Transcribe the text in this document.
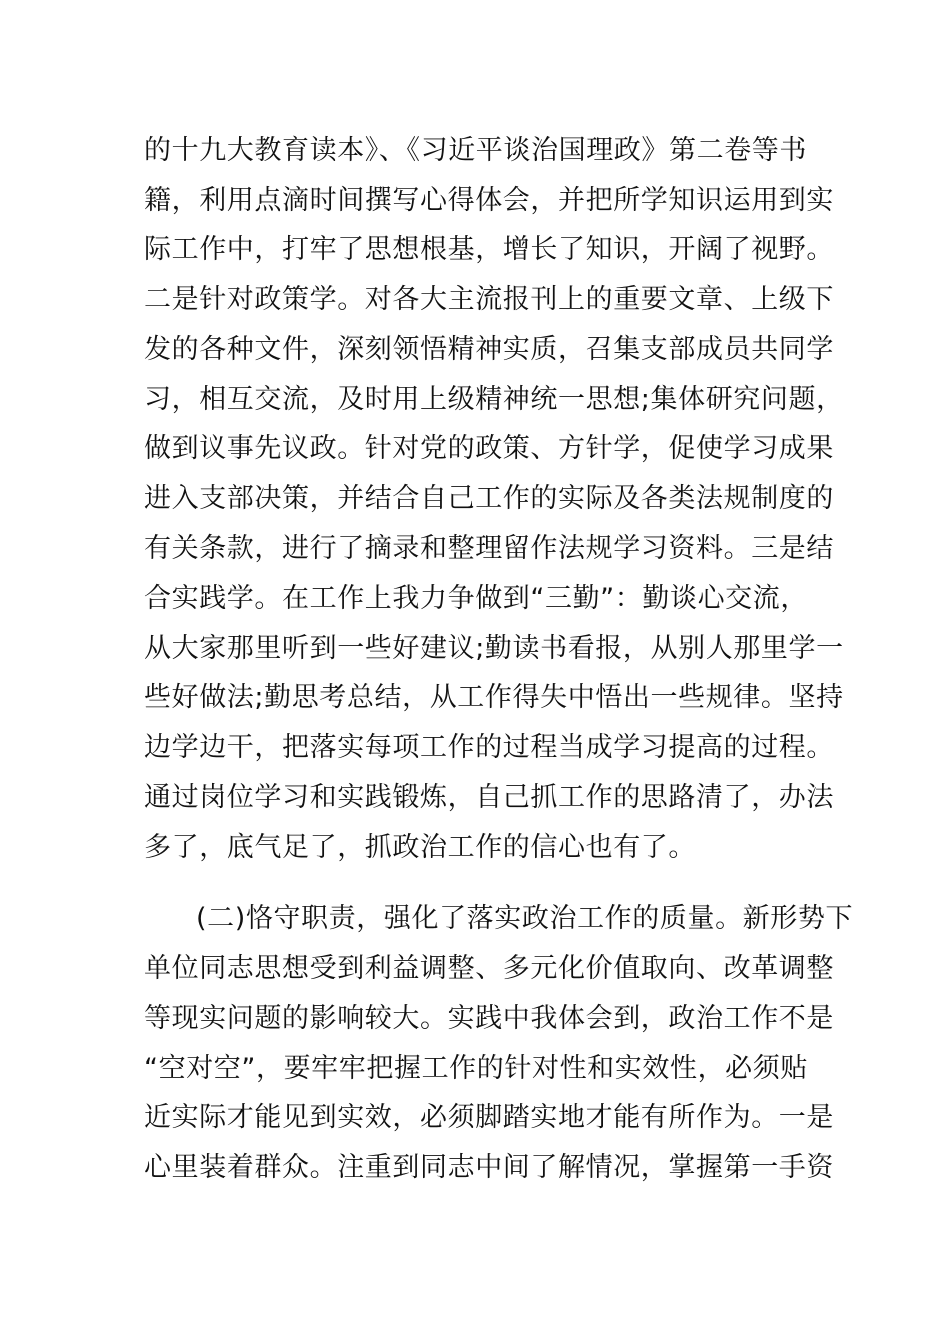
的十九大教育读本》、《习近平谈治国理政》第二卷等书
籍，利用点滴时间撰写心得体会，并把所学知识运用到实
际工作中，打牢了思想根基，增长了知识，开阔了视野。
二是针对政策学。对各大主流报刊上的重要文章、上级下
发的各种文件，深刻领悟精神实质，召集支部成员共同学
习，相互交流，及时用上级精神统一思想;集体研究问题，
做到议事先议政。针对党的政策、方针学，促使学习成果
进入支部决策，并结合自己工作的实际及各类法规制度的
有关条款，进行了摘录和整理留作法规学习资料。三是结
合实践学。在工作上我力争做到“三勤”：勤谈心交流，
从大家那里听到一些好建议;勤读书看报，从别人那里学一
些好做法;勤思考总结，从工作得失中悟出一些规律。坚持
边学边干，把落实每项工作的过程当成学习提高的过程。
通过岗位学习和实践锻炼，自己抓工作的思路清了，办法
多了，底气足了，抓政治工作的信心也有了。
(二)恪守职责，强化了落实政治工作的质量。新形势下
单位同志思想受到利益调整、多元化价值取向、改革调整
等现实问题的影响较大。实践中我体会到，政治工作不是
“空对空”，要牢牢把握工作的针对性和实效性，必须贴
近实际才能见到实效，必须脚踏实地才能有所作为。一是
心里装着群众。注重到同志中间了解情况，掌握第一手资
